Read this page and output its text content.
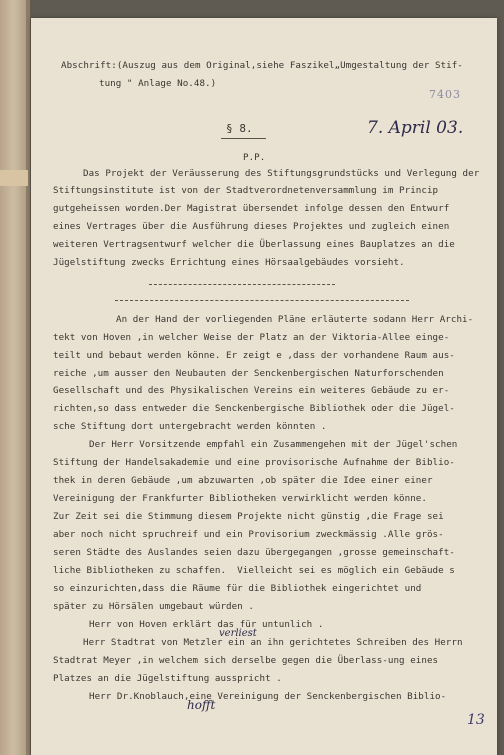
Abschrift:(Auszug aus dem Original,siehe Faszikel„Umgestaltung der Stif-
tung " Anlage No.48.)
7403
§ 8.	7. April 03.
P.P.
Das Projekt der Veräusserung des Stiftungsgrundstücks und Verlegung der
Stiftungsinstitute ist von der Stadtverordnetenversammlung im Princip
gutgeheissen worden.Der Magistrat übersendet infolge dessen den Entwurf
eines Vertrages über die Ausführung dieses Projektes und zugleich einen
weiteren Vertragsentwurf welcher die Überlassung eines Bauplatzes an die
Jügelstiftung zwecks Errichtung eines Hörsaalgebäudes vorsieht.
An der Hand der vorliegenden Pläne erläuterte sodann Herr Archi-
tekt von Hoven ,in welcher Weise der Platz an der Viktoria-Allee einge-
teilt und bebaut werden könne. Er zeigt e ,dass der vorhandene Raum aus-
reiche ,um ausser den Neubauten der Senckenbergischen Naturforschenden
Gesellschaft und des Physikalischen Vereins ein weiteres Gebäude zu er-
richten,so dass entweder die Senckenbergische Bibliothek oder die Jügel-
sche Stiftung dort untergebracht werden könnten .
Der Herr Vorsitzende empfahl ein Zusammengehen mit der Jügel'schen
Stiftung der Handelsakademie und eine provisorische Aufnahme der Biblio-
thek in deren Gebäude ,um abzuwarten ,ob später die Idee einer einer
Vereinigung der Frankfurter Bibliotheken verwirklicht werden könne.
Zur Zeit sei die Stimmung diesem Projekte nicht günstig ,die Frage sei
aber noch nicht spruchreif und ein Provisorium zweckmässig .Alle grös-
seren Städte des Auslandes seien dazu übergegangen ,grosse gemeinschaft-
liche Bibliotheken zu schaffen.  Vielleicht sei es möglich ein Gebäude s
so einzurichten,dass die Räume für die Bibliothek eingerichtet und
später zu Hörsälen umgebaut würden .
Herr von Hoven erklärt das für untunlich .
verliest
Herr Stadtrat von Metzler ein an ihn gerichtetes Schreiben des Herrn
Stadtrat Meyer ,in welchem sich derselbe gegen die Überlass-ung eines
Platzes an die Jügelstiftung ausspricht .
Herr Dr.Knoblauch,eine Vereinigung der Senckenbergischen Biblio-
hofft
13
